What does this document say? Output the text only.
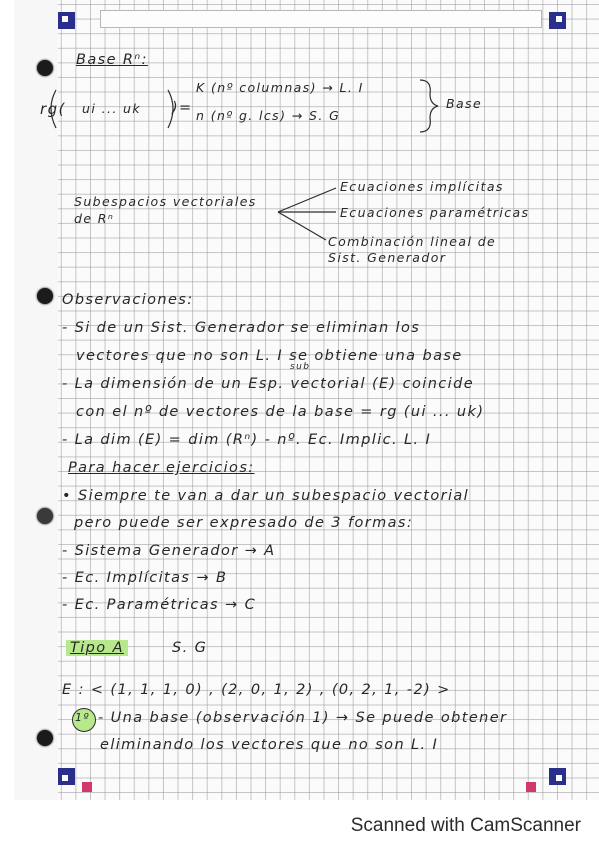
Base Rⁿ:
rg( ui ... uk )=
K (nº columnas) → L. I
n (nº g. lcs) → S. G
Base
Subespacios vectoriales
de Rⁿ
Ecuaciones implícitas
Ecuaciones paramétricas
Combinación lineal de
Sist. Generador
Observaciones:
- Si de un Sist. Generador se eliminan los
vectores que no son L. I se obtiene una base
sub
- La dimensión de un Esp. vectorial (E) coincide
con el nº de vectores de la base = rg (ui ... uk)
- La dim (E) = dim (Rⁿ) - nº. Ec. Implic. L. I
Para hacer ejercicios:
• Siempre te van a dar un subespacio vectorial
pero puede ser expresado de 3 formas:
- Sistema Generador → A
- Ec. Implícitas → B
- Ec. Paramétricas → C
Tipo A	S. G
E : < (1, 1, 1, 0) , (2, 0, 1, 2) , (0, 2, 1, -2) >
1º - Una base (observación 1) → Se puede obtener
eliminando los vectores que no son L. I
Scanned with CamScanner
